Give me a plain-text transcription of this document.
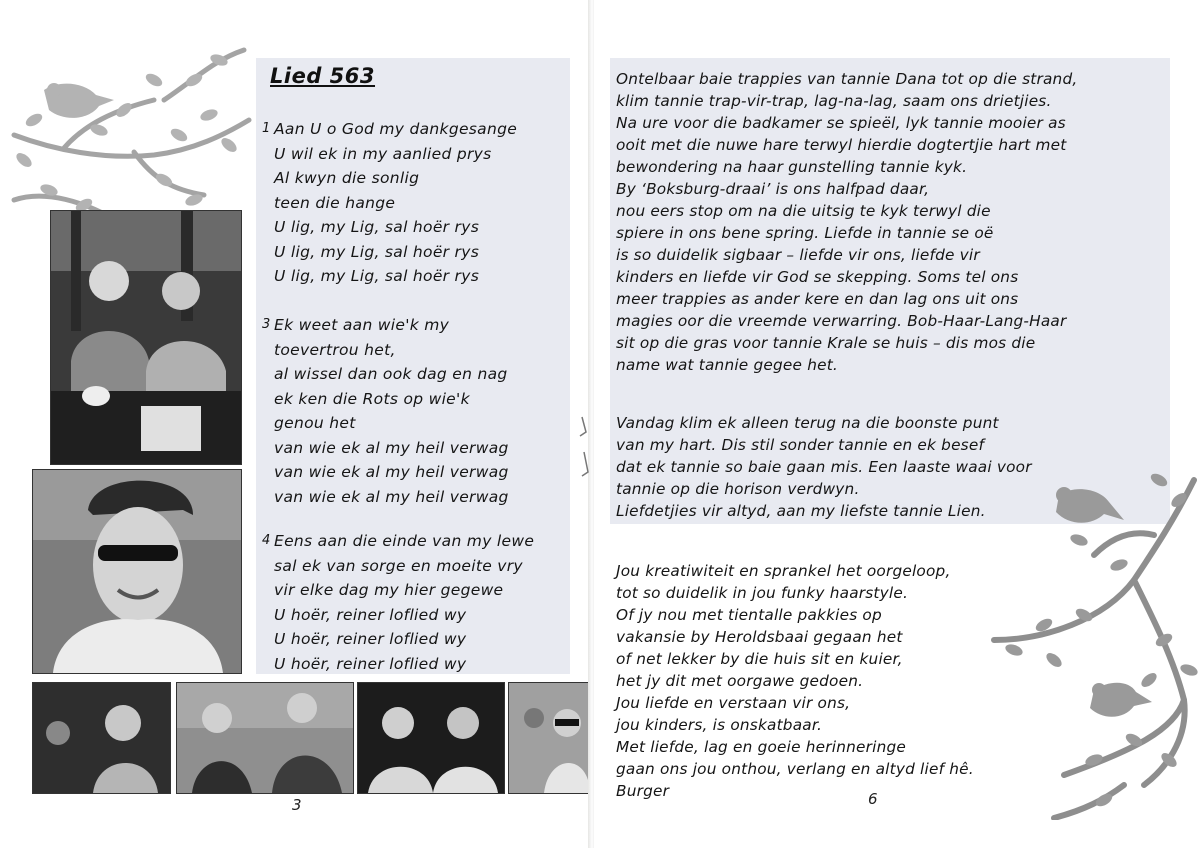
Lied 563
1 Aan U o God my dankgesange
U wil ek in my aanlied prys
Al kwyn die sonlig
teen die hange
U lig, my Lig, sal hoër rys
U lig, my Lig, sal hoër rys
U lig, my Lig, sal hoër rys
3 Ek weet aan wie'k my
toevertrou het,
al wissel dan ook dag en nag
ek ken die Rots op wie'k
genou het
van wie ek al my heil verwag
van wie ek al my heil verwag
van wie ek al my heil verwag
4 Eens aan die einde van my lewe
sal ek van sorge en moeite vry
vir elke dag my hier gegewe
U hoër, reiner loflied wy
U hoër, reiner loflied wy
U hoër, reiner loflied wy
3
Ontelbaar baie trappies van tannie Dana tot op die strand,
klim tannie trap-vir-trap, lag-na-lag, saam ons drietjies.
Na ure voor die badkamer se spieël, lyk tannie mooier as
ooit met die nuwe hare terwyl hierdie dogtertjie hart met
bewondering na haar gunstelling tannie kyk.
By ‘Boksburg-draai’ is ons halfpad daar,
nou eers stop om na die uitsig te kyk terwyl die
spiere in ons bene spring. Liefde in tannie se oë
is so duidelik sigbaar – liefde vir ons, liefde vir
kinders en liefde vir God se skepping. Soms tel ons
meer trappies as ander kere en dan lag ons uit ons
magies oor die vreemde verwarring. Bob-Haar-Lang-Haar
sit op die gras voor tannie Krale se huis – dis mos die
name wat tannie gegee het.
Vandag klim ek alleen terug na die boonste punt
van my hart. Dis stil sonder tannie en ek besef
dat ek tannie so baie gaan mis. Een laaste waai voor
tannie op die horison verdwyn.
Liefdetjies vir altyd, aan my liefste tannie Lien.
Jou kreatiwiteit en sprankel het oorgeloop,
tot so duidelik in jou funky haarstyle.
Of jy nou met tientalle pakkies op
vakansie by Heroldsbaai gegaan het
of net lekker by die huis sit en kuier,
het jy dit met oorgawe gedoen.
Jou liefde en verstaan vir ons,
jou kinders, is onskatbaar.
Met liefde, lag en goeie herinneringe
gaan ons jou onthou, verlang en altyd lief hê.
Burger	6
